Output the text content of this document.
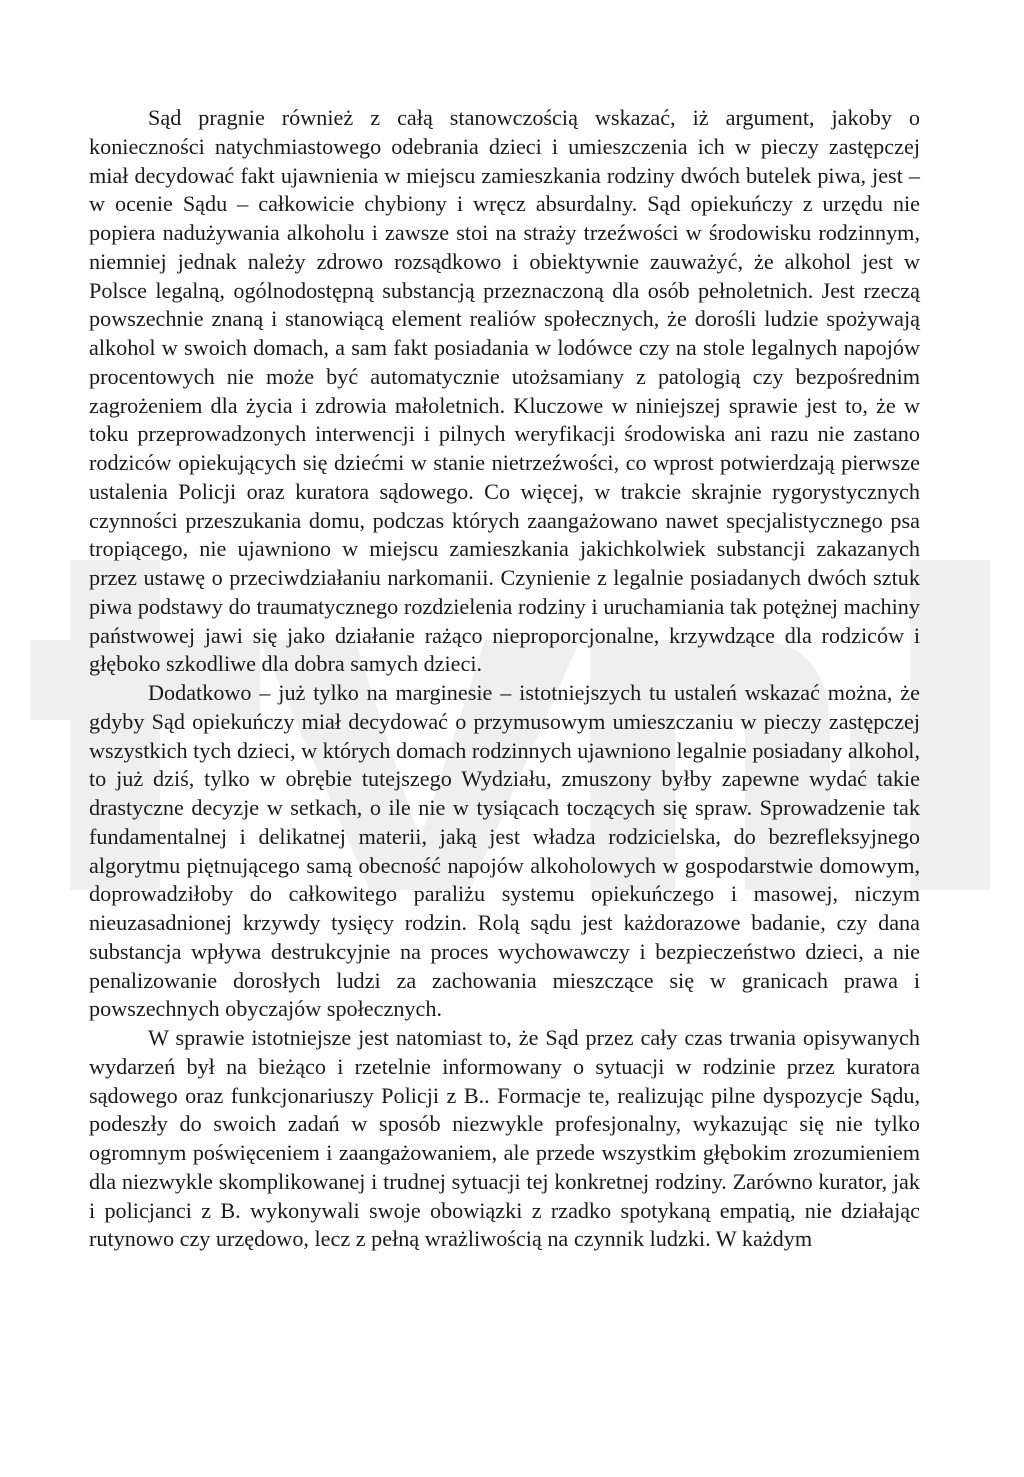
Sąd pragnie również z całą stanowczością wskazać, iż argument, jakoby o konieczności natychmiastowego odebrania dzieci i umieszczenia ich w pieczy zastępczej miał decydować fakt ujawnienia w miejscu zamieszkania rodziny dwóch butelek piwa, jest – w ocenie Sądu – całkowicie chybiony i wręcz absurdalny. Sąd opiekuńczy z urzędu nie popiera nadużywania alkoholu i zawsze stoi na straży trzeźwości w środowisku rodzinnym, niemniej jednak należy zdrowo rozsądkowo i obiektywnie zauważyć, że alkohol jest w Polsce legalną, ogólnodostępną substancją przeznaczoną dla osób pełnoletnich. Jest rzeczą powszechnie znaną i stanowiącą element realiów społecznych, że dorośli ludzie spożywają alkohol w swoich domach, a sam fakt posiadania w lodówce czy na stole legalnych napojów procentowych nie może być automatycznie utożsamiany z patologią czy bezpośrednim zagrożeniem dla życia i zdrowia małoletnich. Kluczowe w niniejszej sprawie jest to, że w toku przeprowadzonych interwencji i pilnych weryfikacji środowiska ani razu nie zastano rodziców opiekujących się dziećmi w stanie nietrzeźwości, co wprost potwierdzają pierwsze ustalenia Policji oraz kuratora sądowego. Co więcej, w trakcie skrajnie rygorystycznych czynności przeszukania domu, podczas których zaangażowano nawet specjalistycznego psa tropiącego, nie ujawniono w miejscu zamieszkania jakichkolwiek substancji zakazanych przez ustawę o przeciwdziałaniu narkomanii. Czynienie z legalnie posiadanych dwóch sztuk piwa podstawy do traumatycznego rozdzielenia rodziny i uruchamiania tak potężnej machiny państwowej jawi się jako działanie rażąco nieproporcjonalne, krzywdzące dla rodziców i głęboko szkodliwe dla dobra samych dzieci.

Dodatkowo – już tylko na marginesie – istotniejszych tu ustaleń wskazać można, że gdyby Sąd opiekuńczy miał decydować o przymusowym umieszczaniu w pieczy zastępczej wszystkich tych dzieci, w których domach rodzinnych ujawniono legalnie posiadany alkohol, to już dziś, tylko w obrębie tutejszego Wydziału, zmuszony byłby zapewne wydać takie drastyczne decyzje w setkach, o ile nie w tysiącach toczących się spraw. Sprowadzenie tak fundamentalnej i delikatnej materii, jaką jest władza rodzicielska, do bezrefleksyjnego algorytmu piętnującego samą obecność napojów alkoholowych w gospodarstwie domowym, doprowadziłoby do całkowitego paraliżu systemu opiekuńczego i masowej, niczym nieuzasadnionej krzywdy tysięcy rodzin. Rolą sądu jest każdorazowe badanie, czy dana substancja wpływa destrukcyjnie na proces wychowawczy i bezpieczeństwo dzieci, a nie penalizowanie dorosłych ludzi za zachowania mieszczące się w granicach prawa i powszechnych obyczajów społecznych.

W sprawie istotniejsze jest natomiast to, że Sąd przez cały czas trwania opisywanych wydarzeń był na bieżąco i rzetelnie informowany o sytuacji w rodzinie przez kuratora sądowego oraz funkcjonariuszy Policji z B.. Formacje te, realizując pilne dyspozycje Sądu, podeszły do swoich zadań w sposób niezwykle profesjonalny, wykazując się nie tylko ogromnym poświęceniem i zaangażowaniem, ale przede wszystkim głębokim zrozumieniem dla niezwykle skomplikowanej i trudnej sytuacji tej konkretnej rodziny. Zarówno kurator, jak i policjanci z B. wykonywali swoje obowiązki z rzadko spotykaną empatią, nie działając rutynowo czy urzędowo, lecz z pełną wrażliwością na czynnik ludzki. W każdym
